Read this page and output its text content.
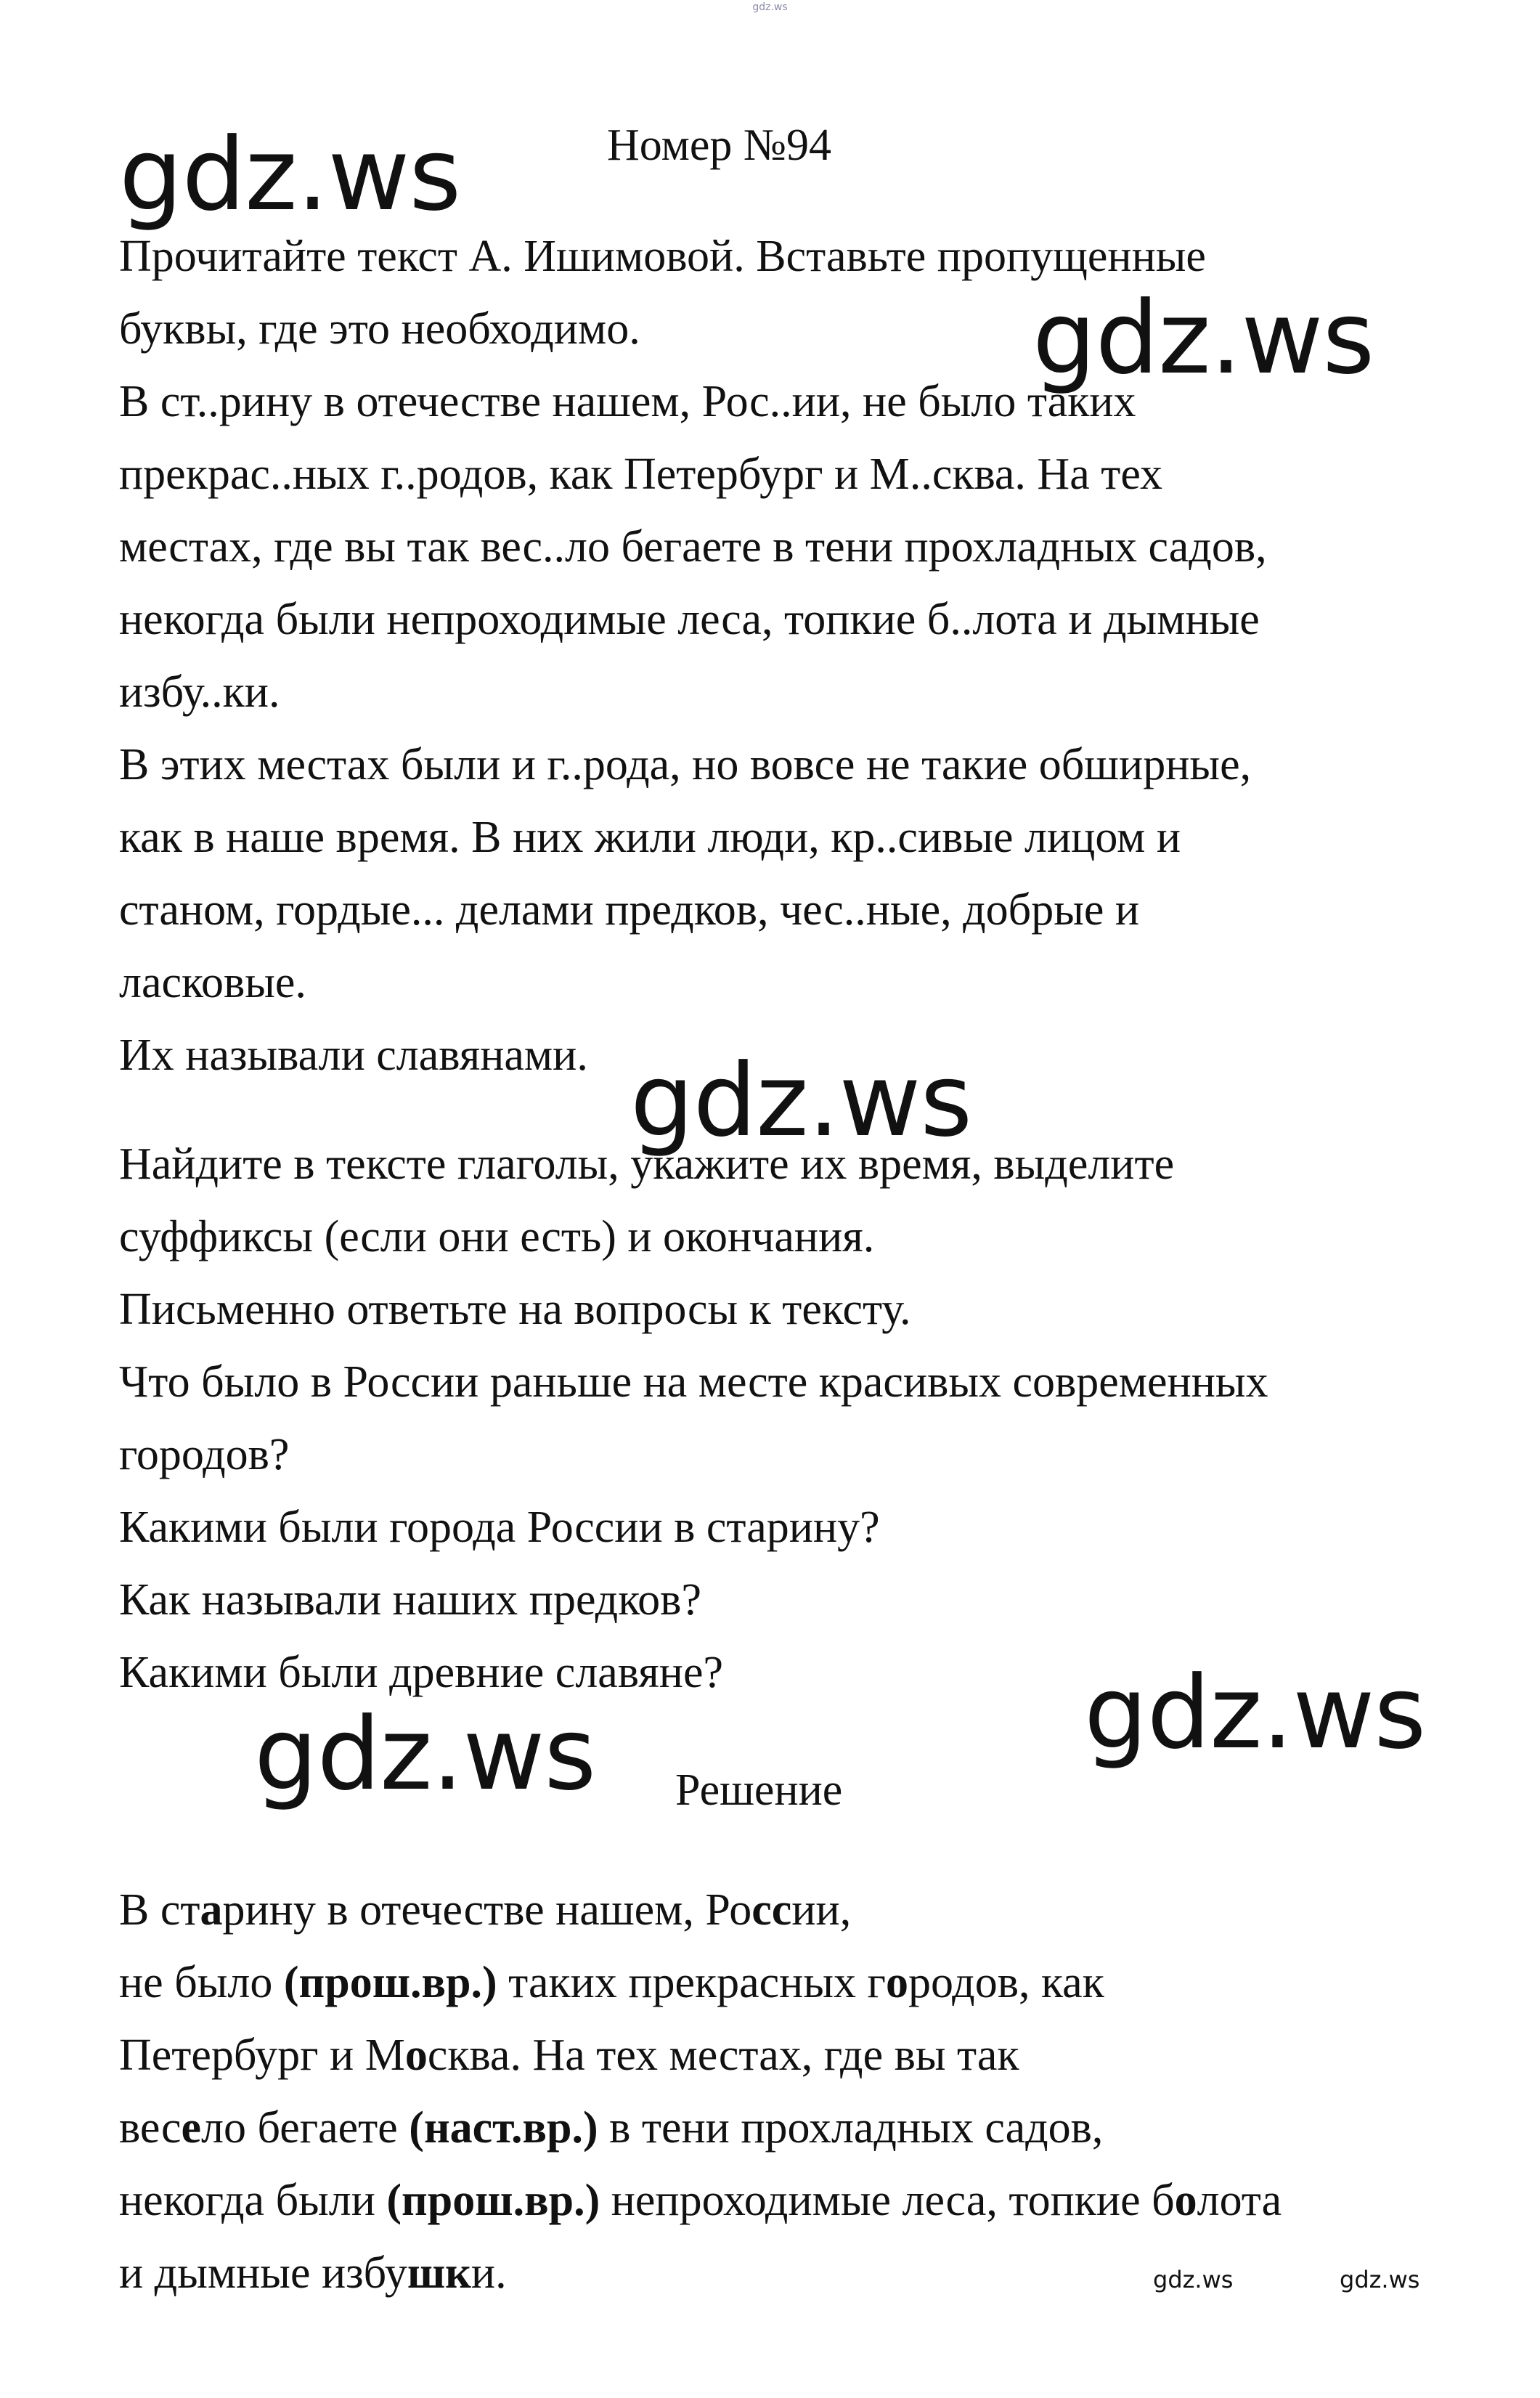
gdz.ws
Номер №94
Прочитайте текст А. Ишимовой. Вставьте пропущенные
буквы, где это необходимо.
В ст..рину в отечестве нашем, Рос..ии, не было таких
прекрас..ных г..родов, как Петербург и М..сква. На тех
местах, где вы так вес..ло бегаете в тени прохладных садов,
некогда были непроходимые леса, топкие б..лота и дымные
избу..ки.
В этих местах были и г..рода, но вовсе не такие обширные,
как в наше время. В них жили люди, кр..сивые лицом и
станом, гордые... делами предков, чес..ные, добрые и
ласковые.
Их называли славянами.
Найдите в тексте глаголы, укажите их время, выделите
суффиксы (если они есть) и окончания.
Письменно ответьте на вопросы к тексту.
Что было в России раньше на месте красивых современных
городов?
Какими были города России в старину?
Как называли наших предков?
Какими были древние славяне?
Решение
В старину в отечестве нашем, России,
не было (прош.вр.) таких прекрасных городов, как
Петербург и Москва. На тех местах, где вы так
весело бегаете (наст.вр.) в тени прохладных садов,
некогда были (прош.вр.) непроходимые леса, топкие болота
и дымные избушки.
gdz.ws
gdz.ws
gdz.ws
gdz.ws
gdz.ws
gdz.ws	gdz.ws
